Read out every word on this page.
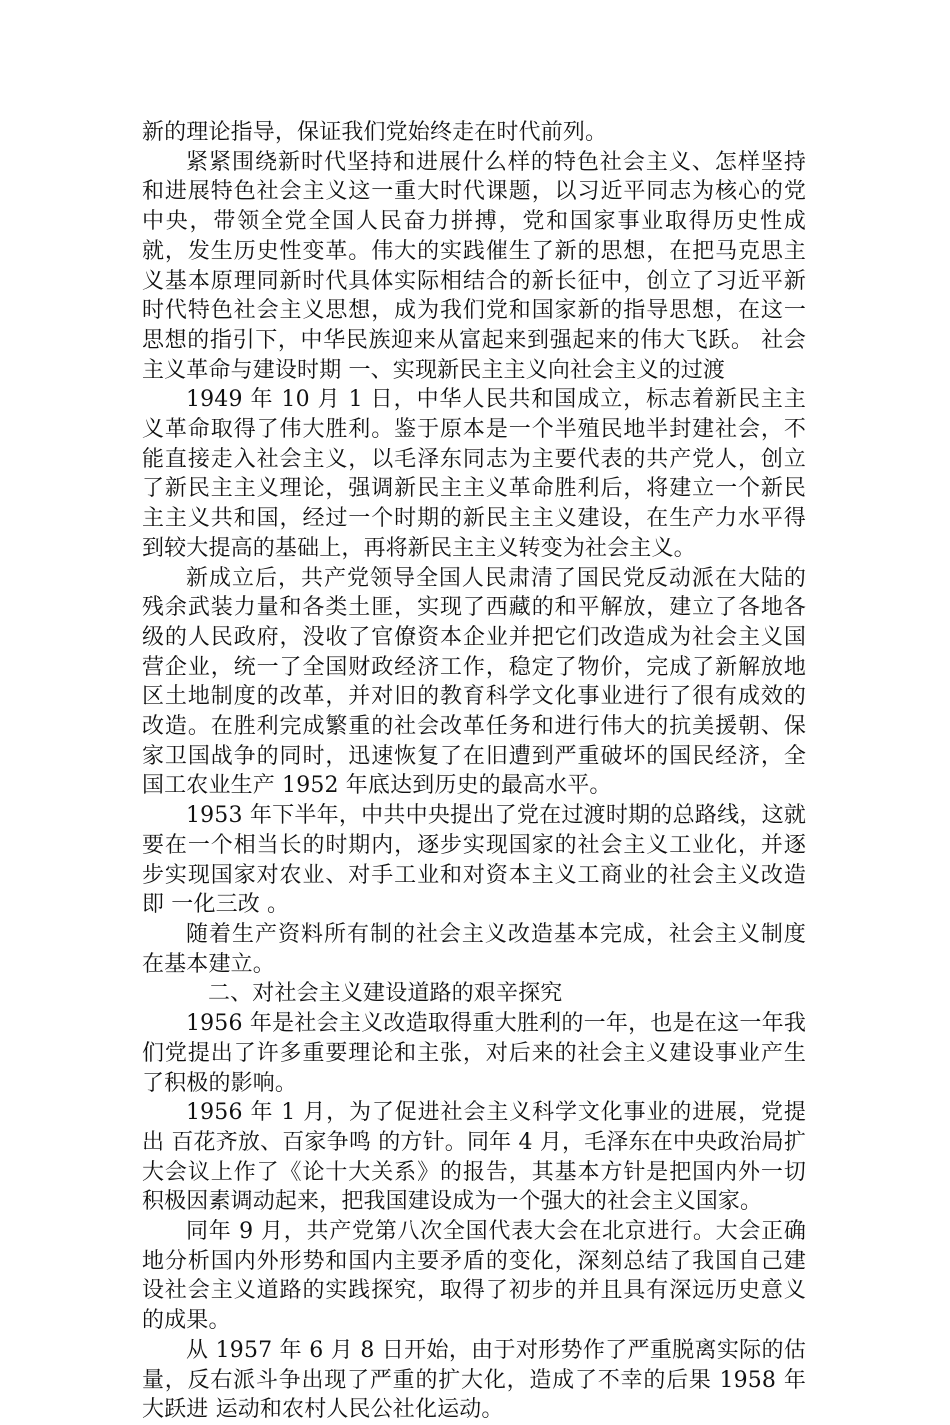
新的理论指导，保证我们党始终走在时代前列。

紧紧围绕新时代坚持和进展什么样的特色社会主义、怎样坚持和进展特色社会主义这一重大时代课题，以习近平同志为核心的党中央，带领全党全国人民奋力拼搏，党和国家事业取得历史性成就，发生历史性变革。伟大的实践催生了新的思想，在把马克思主义基本原理同新时代具体实际相结合的新长征中，创立了习近平新时代特色社会主义思想，成为我们党和国家新的指导思想，在这一思想的指引下，中华民族迎来从富起来到强起来的伟大飞跃。 社会主义革命与建设时期 一、实现新民主主义向社会主义的过渡

1949 年 10 月 1 日，中华人民共和国成立，标志着新民主主义革命取得了伟大胜利。鉴于原本是一个半殖民地半封建社会，不能直接走入社会主义，以毛泽东同志为主要代表的共产党人，创立了新民主主义理论，强调新民主主义革命胜利后，将建立一个新民主主义共和国，经过一个时期的新民主主义建设，在生产力水平得到较大提高的基础上，再将新民主主义转变为社会主义。

新成立后，共产党领导全国人民肃清了国民党反动派在大陆的残余武装力量和各类土匪，实现了西藏的和平解放，建立了各地各级的人民政府，没收了官僚资本企业并把它们改造成为社会主义国营企业，统一了全国财政经济工作，稳定了物价，完成了新解放地区土地制度的改革，并对旧的教育科学文化事业进行了很有成效的改造。在胜利完成繁重的社会改革任务和进行伟大的抗美援朝、保家卫国战争的同时，迅速恢复了在旧遭到严重破坏的国民经济，全国工农业生产 1952 年底达到历史的最高水平。

1953 年下半年，中共中央提出了党在过渡时期的总路线，这就 要在一个相当长的时期内，逐步实现国家的社会主义工业化，并逐步实现国家对农业、对手工业和对资本主义工商业的社会主义改造 即 一化三改 。

随着生产资料所有制的社会主义改造基本完成，社会主义制度在基本建立。

二、对社会主义建设道路的艰辛探究

1956 年是社会主义改造取得重大胜利的一年，也是在这一年我们党提出了许多重要理论和主张，对后来的社会主义建设事业产生了积极的影响。

1956 年 1 月，为了促进社会主义科学文化事业的进展，党提出 百花齐放、百家争鸣 的方针。同年 4 月，毛泽东在中央政治局扩大会议上作了《论十大关系》的报告，其基本方针是把国内外一切积极因素调动起来，把我国建设成为一个强大的社会主义国家。

同年 9 月，共产党第八次全国代表大会在北京进行。大会正确地分析国内外形势和国内主要矛盾的变化，深刻总结了我国自己建设社会主义道路的实践探究，取得了初步的并且具有深远历史意义的成果。

从 1957 年 6 月 8 日开始，由于对形势作了严重脱离实际的估量，反右派斗争出现了严重的扩大化，造成了不幸的后果 1958 年大跃进 运动和农村人民公社化运动。
